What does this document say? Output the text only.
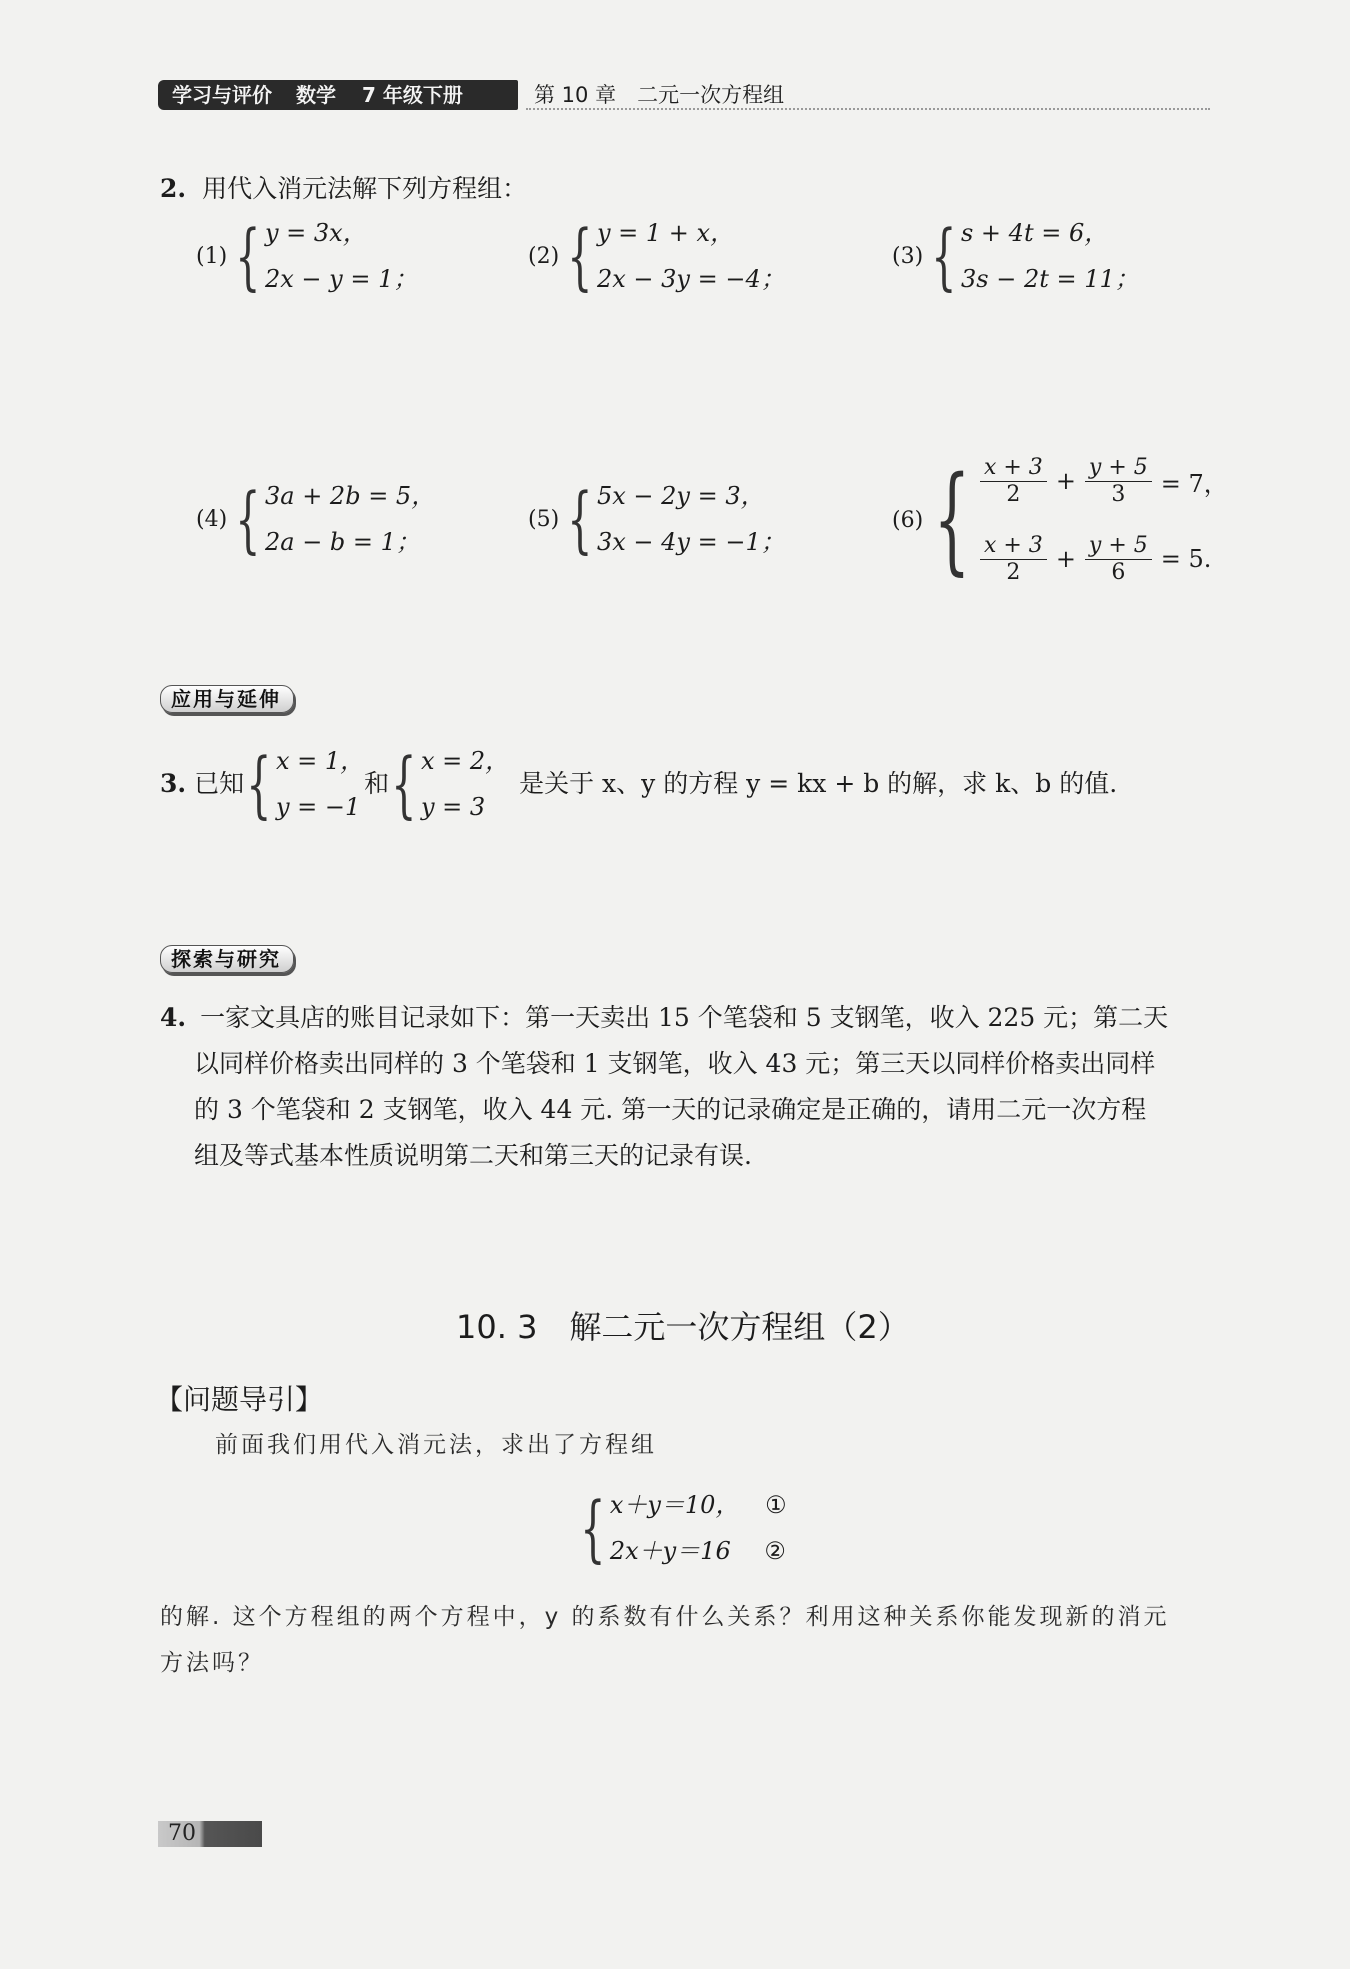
学习与评价 数学 7 年级下册	第 10 章　二元一次方程组
2. 用代入消元法解下列方程组：
(1) { y = 3x，
2x − y = 1；
(2) { y = 1 + x，
2x − 3y = −4；
(3) { s + 4t = 6，
3s − 2t = 11；
(4) { 3a + 2b = 5，
2a − b = 1；
(5) { 5x − 2y = 3，
3x − 4y = −1；
(6) { $\frac{x + 3}{2} + \frac{y + 5}{3} = 7$，
$\frac{x + 3}{2} + \frac{y + 5}{6} = 5$.
应用与延伸
3. 已知 { x = 1，
y = −1
和 { x = 2，
y = 3
是关于 x、y 的方程 y = kx + b 的解，求 k、b 的值.
探索与研究
4. 一家文具店的账目记录如下：第一天卖出 15 个笔袋和 5 支钢笔，收入 225 元；第二天
以同样价格卖出同样的 3 个笔袋和 1 支钢笔，收入 43 元；第三天以同样价格卖出同样
的 3 个笔袋和 2 支钢笔，收入 44 元. 第一天的记录确定是正确的，请用二元一次方程
组及等式基本性质说明第二天和第三天的记录有误.
10. 3　解二元一次方程组（2）
【问题导引】
前面我们用代入消元法，求出了方程组
{ x＋y＝10， ①
2x＋y＝16 ②
的解. 这个方程组的两个方程中，y 的系数有什么关系？利用这种关系你能发现新的消元
方法吗？
70
